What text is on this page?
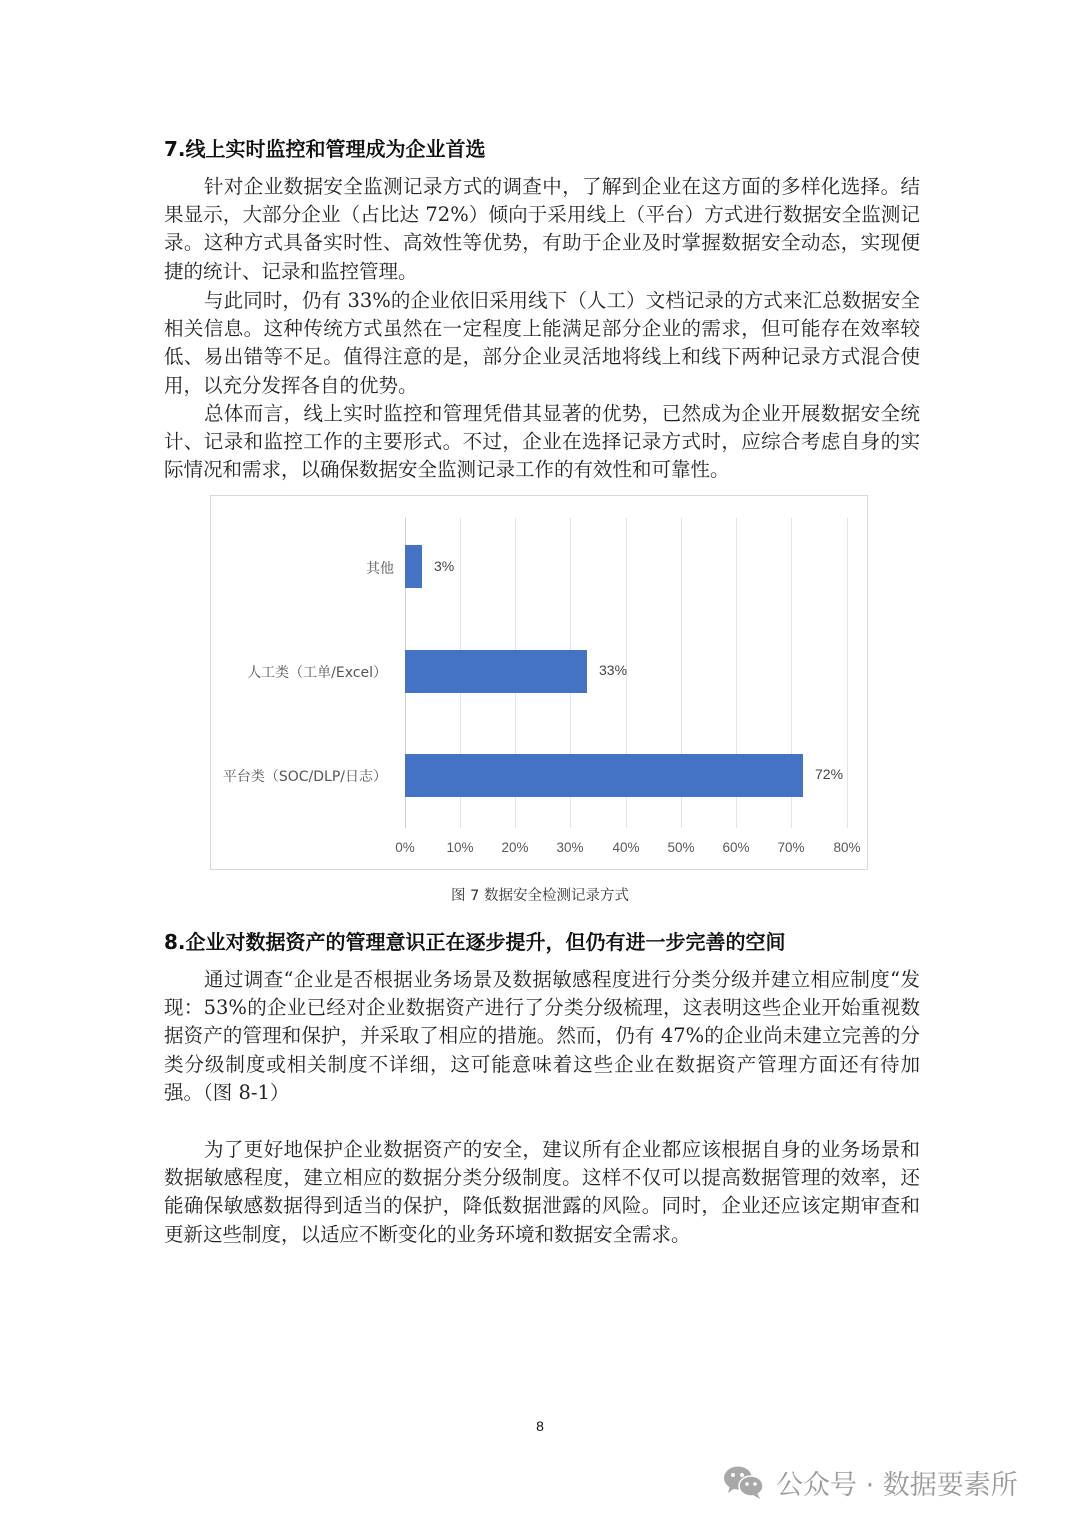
7.线上实时监控和管理成为企业首选
针对企业数据安全监测记录方式的调查中，了解到企业在这方面的多样化选择。结果显示，大部分企业（占比达 72%）倾向于采用线上（平台）方式进行数据安全监测记录。这种方式具备实时性、高效性等优势，有助于企业及时掌握数据安全动态，实现便捷的统计、记录和监控管理。
与此同时，仍有 33%的企业依旧采用线下（人工）文档记录的方式来汇总数据安全相关信息。这种传统方式虽然在一定程度上能满足部分企业的需求，但可能存在效率较低、易出错等不足。值得注意的是，部分企业灵活地将线上和线下两种记录方式混合使用，以充分发挥各自的优势。
总体而言，线上实时监控和管理凭借其显著的优势，已然成为企业开展数据安全统计、记录和监控工作的主要形式。不过，企业在选择记录方式时，应综合考虑自身的实际情况和需求，以确保数据安全监测记录工作的有效性和可靠性。
其他
人工类（工单/Excel）
平台类（SOC/DLP/日志）
3%
33%
72%
0%	10%	20%	30%	40%	50%	60%	70%	80%
图 7 数据安全检测记录方式
8.企业对数据资产的管理意识正在逐步提升，但仍有进一步完善的空间
通过调查“企业是否根据业务场景及数据敏感程度进行分类分级并建立相应制度“发现：53%的企业已经对企业数据资产进行了分类分级梳理，这表明这些企业开始重视数据资产的管理和保护，并采取了相应的措施。然而，仍有 47%的企业尚未建立完善的分类分级制度或相关制度不详细，这可能意味着这些企业在数据资产管理方面还有待加强。（图 8-1）
为了更好地保护企业数据资产的安全，建议所有企业都应该根据自身的业务场景和数据敏感程度，建立相应的数据分类分级制度。这样不仅可以提高数据管理的效率，还能确保敏感数据得到适当的保护，降低数据泄露的风险。同时，企业还应该定期审查和更新这些制度，以适应不断变化的业务环境和数据安全需求。
8
公众号 · 数据要素所
